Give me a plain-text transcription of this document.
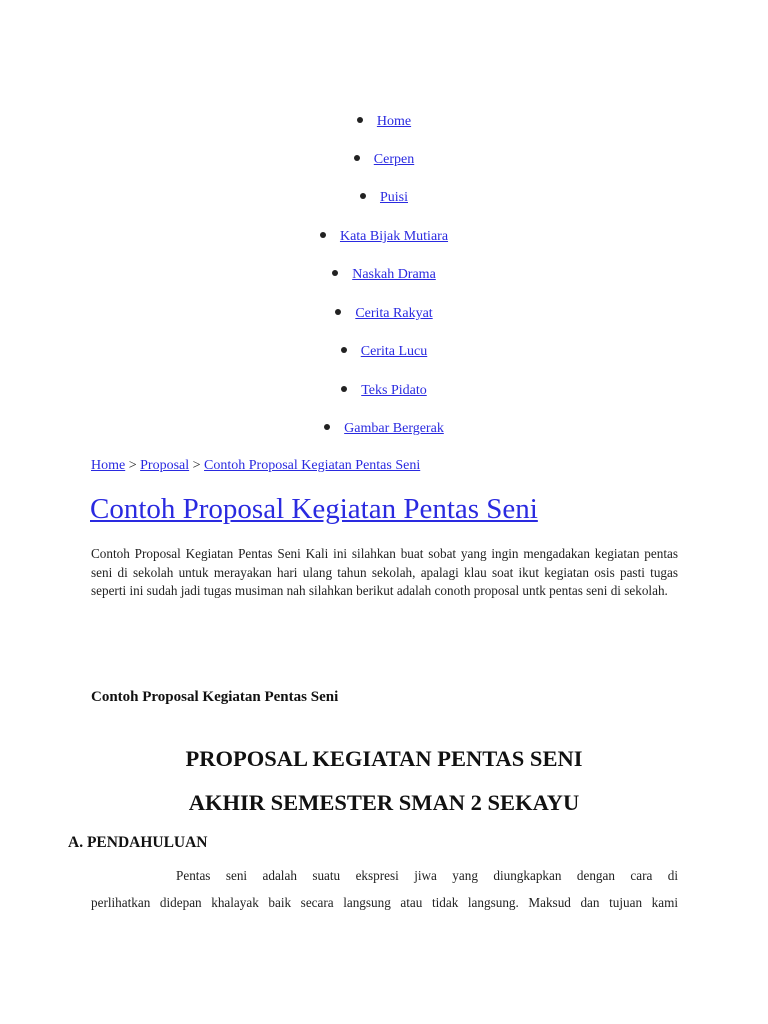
Home
Cerpen
Puisi
Kata Bijak Mutiara
Naskah Drama
Cerita Rakyat
Cerita Lucu
Teks Pidato
Gambar Bergerak
Home > Proposal > Contoh Proposal Kegiatan Pentas Seni
Contoh Proposal Kegiatan Pentas Seni

Contoh Proposal Kegiatan Pentas Seni Kali ini silahkan buat sobat yang ingin mengadakan kegiatan pentas seni di sekolah untuk merayakan hari ulang tahun sekolah, apalagi klau soat ikut kegiatan osis pasti tugas seperti ini sudah jadi tugas musiman nah silahkan berikut adalah conoth proposal untk pentas seni di sekolah.

Contoh Proposal Kegiatan Pentas Seni

PROPOSAL KEGIATAN PENTAS SENI

AKHIR SEMESTER SMAN 2 SEKAYU

A. PENDAHULUAN

Pentas seni adalah suatu ekspresi jiwa yang diungkapkan dengan cara di
perlihatkan didepan khalayak baik secara langsung atau tidak langsung. Maksud dan tujuan kami
